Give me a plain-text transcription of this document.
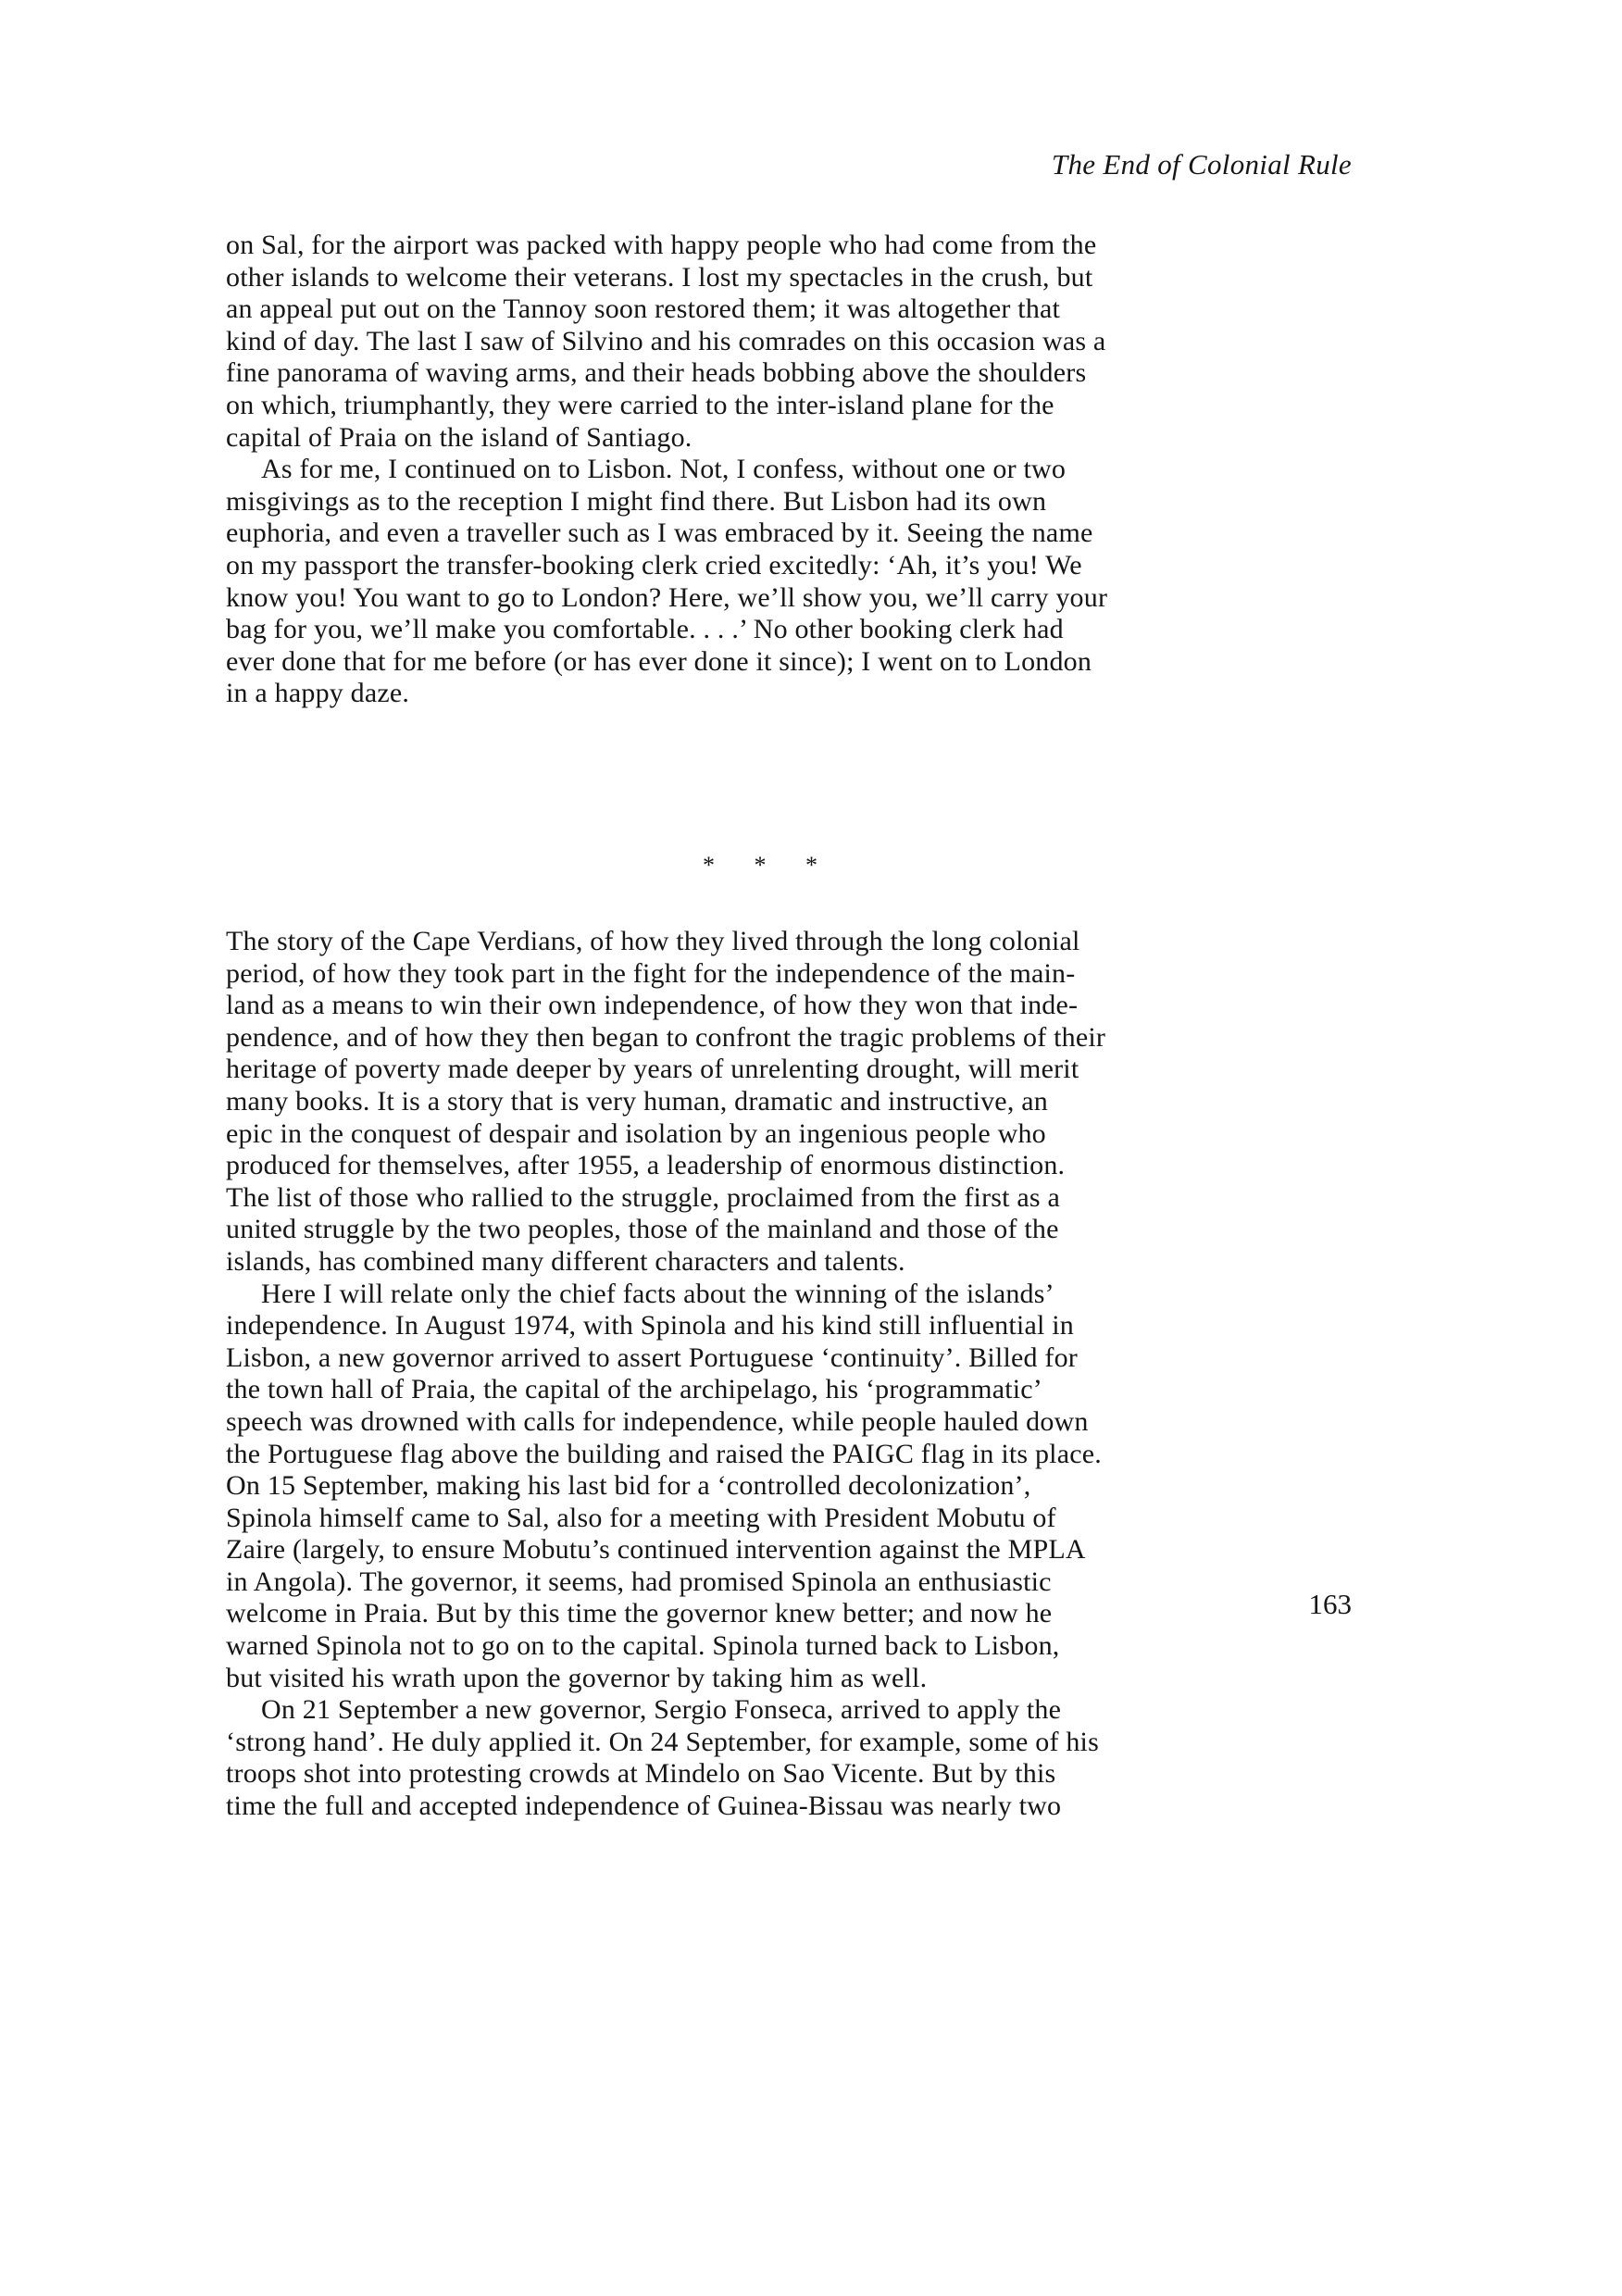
The End of Colonial Rule

on Sal, for the airport was packed with happy people who had come from the
other islands to welcome their veterans. I lost my spectacles in the crush, but
an appeal put out on the Tannoy soon restored them; it was altogether that
kind of day. The last I saw of Silvino and his comrades on this occasion was a
fine panorama of waving arms, and their heads bobbing above the shoulders
on which, triumphantly, they were carried to the inter-island plane for the
capital of Praia on the island of Santiago.

As for me, I continued on to Lisbon. Not, I confess, without one or two
misgivings as to the reception I might find there. But Lisbon had its own
euphoria, and even a traveller such as I was embraced by it. Seeing the name
on my passport the transfer-booking clerk cried excitedly: ‘Ah, it’s you! We
know you! You want to go to London? Here, we’ll show you, we’ll carry your
bag for you, we’ll make you comfortable. . . .’ No other booking clerk had
ever done that for me before (or has ever done it since); I went on to London
in a happy daze.

* * *

The story of the Cape Verdians, of how they lived through the long colonial
period, of how they took part in the fight for the independence of the main-
land as a means to win their own independence, of how they won that inde-
pendence, and of how they then began to confront the tragic problems of their
heritage of poverty made deeper by years of unrelenting drought, will merit
many books. It is a story that is very human, dramatic and instructive, an
epic in the conquest of despair and isolation by an ingenious people who
produced for themselves, after 1955, a leadership of enormous distinction.
The list of those who rallied to the struggle, proclaimed from the first as a
united struggle by the two peoples, those of the mainland and those of the
islands, has combined many different characters and talents.

Here I will relate only the chief facts about the winning of the islands’
independence. In August 1974, with Spinola and his kind still influential in
Lisbon, a new governor arrived to assert Portuguese ‘continuity’. Billed for
the town hall of Praia, the capital of the archipelago, his ‘programmatic’
speech was drowned with calls for independence, while people hauled down
the Portuguese flag above the building and raised the PAIGC flag in its place.
On 15 September, making his last bid for a ‘controlled decolonization’,
Spinola himself came to Sal, also for a meeting with President Mobutu of
Zaire (largely, to ensure Mobutu’s continued intervention against the MPLA
in Angola). The governor, it seems, had promised Spinola an enthusiastic
welcome in Praia. But by this time the governor knew better; and now he
warned Spinola not to go on to the capital. Spinola turned back to Lisbon,
but visited his wrath upon the governor by taking him as well.

On 21 September a new governor, Sergio Fonseca, arrived to apply the
‘strong hand’. He duly applied it. On 24 September, for example, some of his
troops shot into protesting crowds at Mindelo on Sao Vicente. But by this
time the full and accepted independence of Guinea-Bissau was nearly two

163
